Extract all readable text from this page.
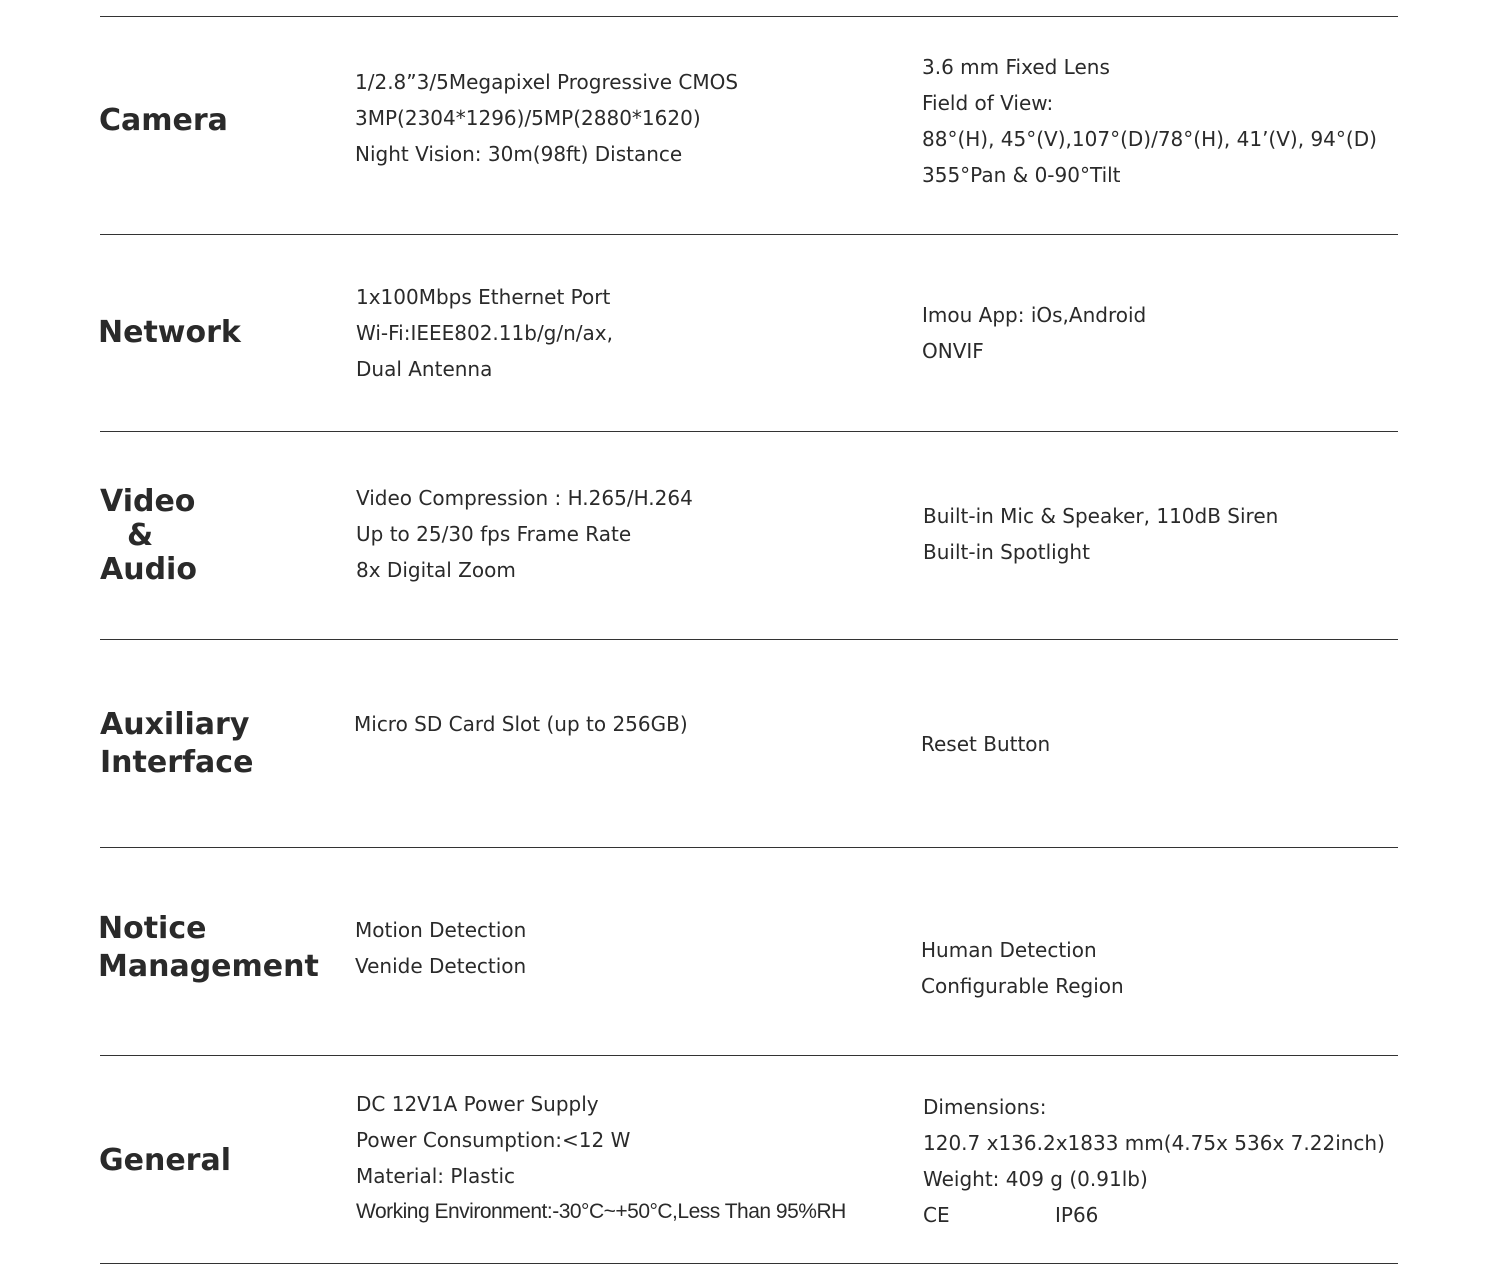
Camera
1/2.8”3/5Megapixel Progressive CMOS
3MP(2304*1296)/5MP(2880*1620)
Night Vision: 30m(98ft) Distance
3.6 mm Fixed Lens
Field of View:
88°(H), 45°(V),107°(D)/78°(H), 41’(V), 94°(D)
355°Pan & 0-90°Tilt
Network
1x100Mbps Ethernet Port
Wi-Fi:IEEE802.11b/g/n/ax,
Dual Antenna
Imou App: iOs,Android
ONVIF
Video
&
Audio
Video Compression : H.265/H.264
Up to 25/30 fps Frame Rate
8x Digital Zoom
Built-in Mic & Speaker, 110dB Siren
Built-in Spotlight
Auxiliary
Interface
Micro SD Card Slot (up to 256GB)
Reset Button
Notice
Management
Motion Detection
Venide Detection
Human Detection
Configurable Region
General
DC 12V1A Power Supply
Power Consumption:<12 W
Material: Plastic
Working Environment:-30°C~+50°C,Less Than 95%RH
Dimensions:
120.7 x136.2x1833 mm(4.75x 536x 7.22inch)
Weight: 409 g (0.91lb)
CE	IP66
